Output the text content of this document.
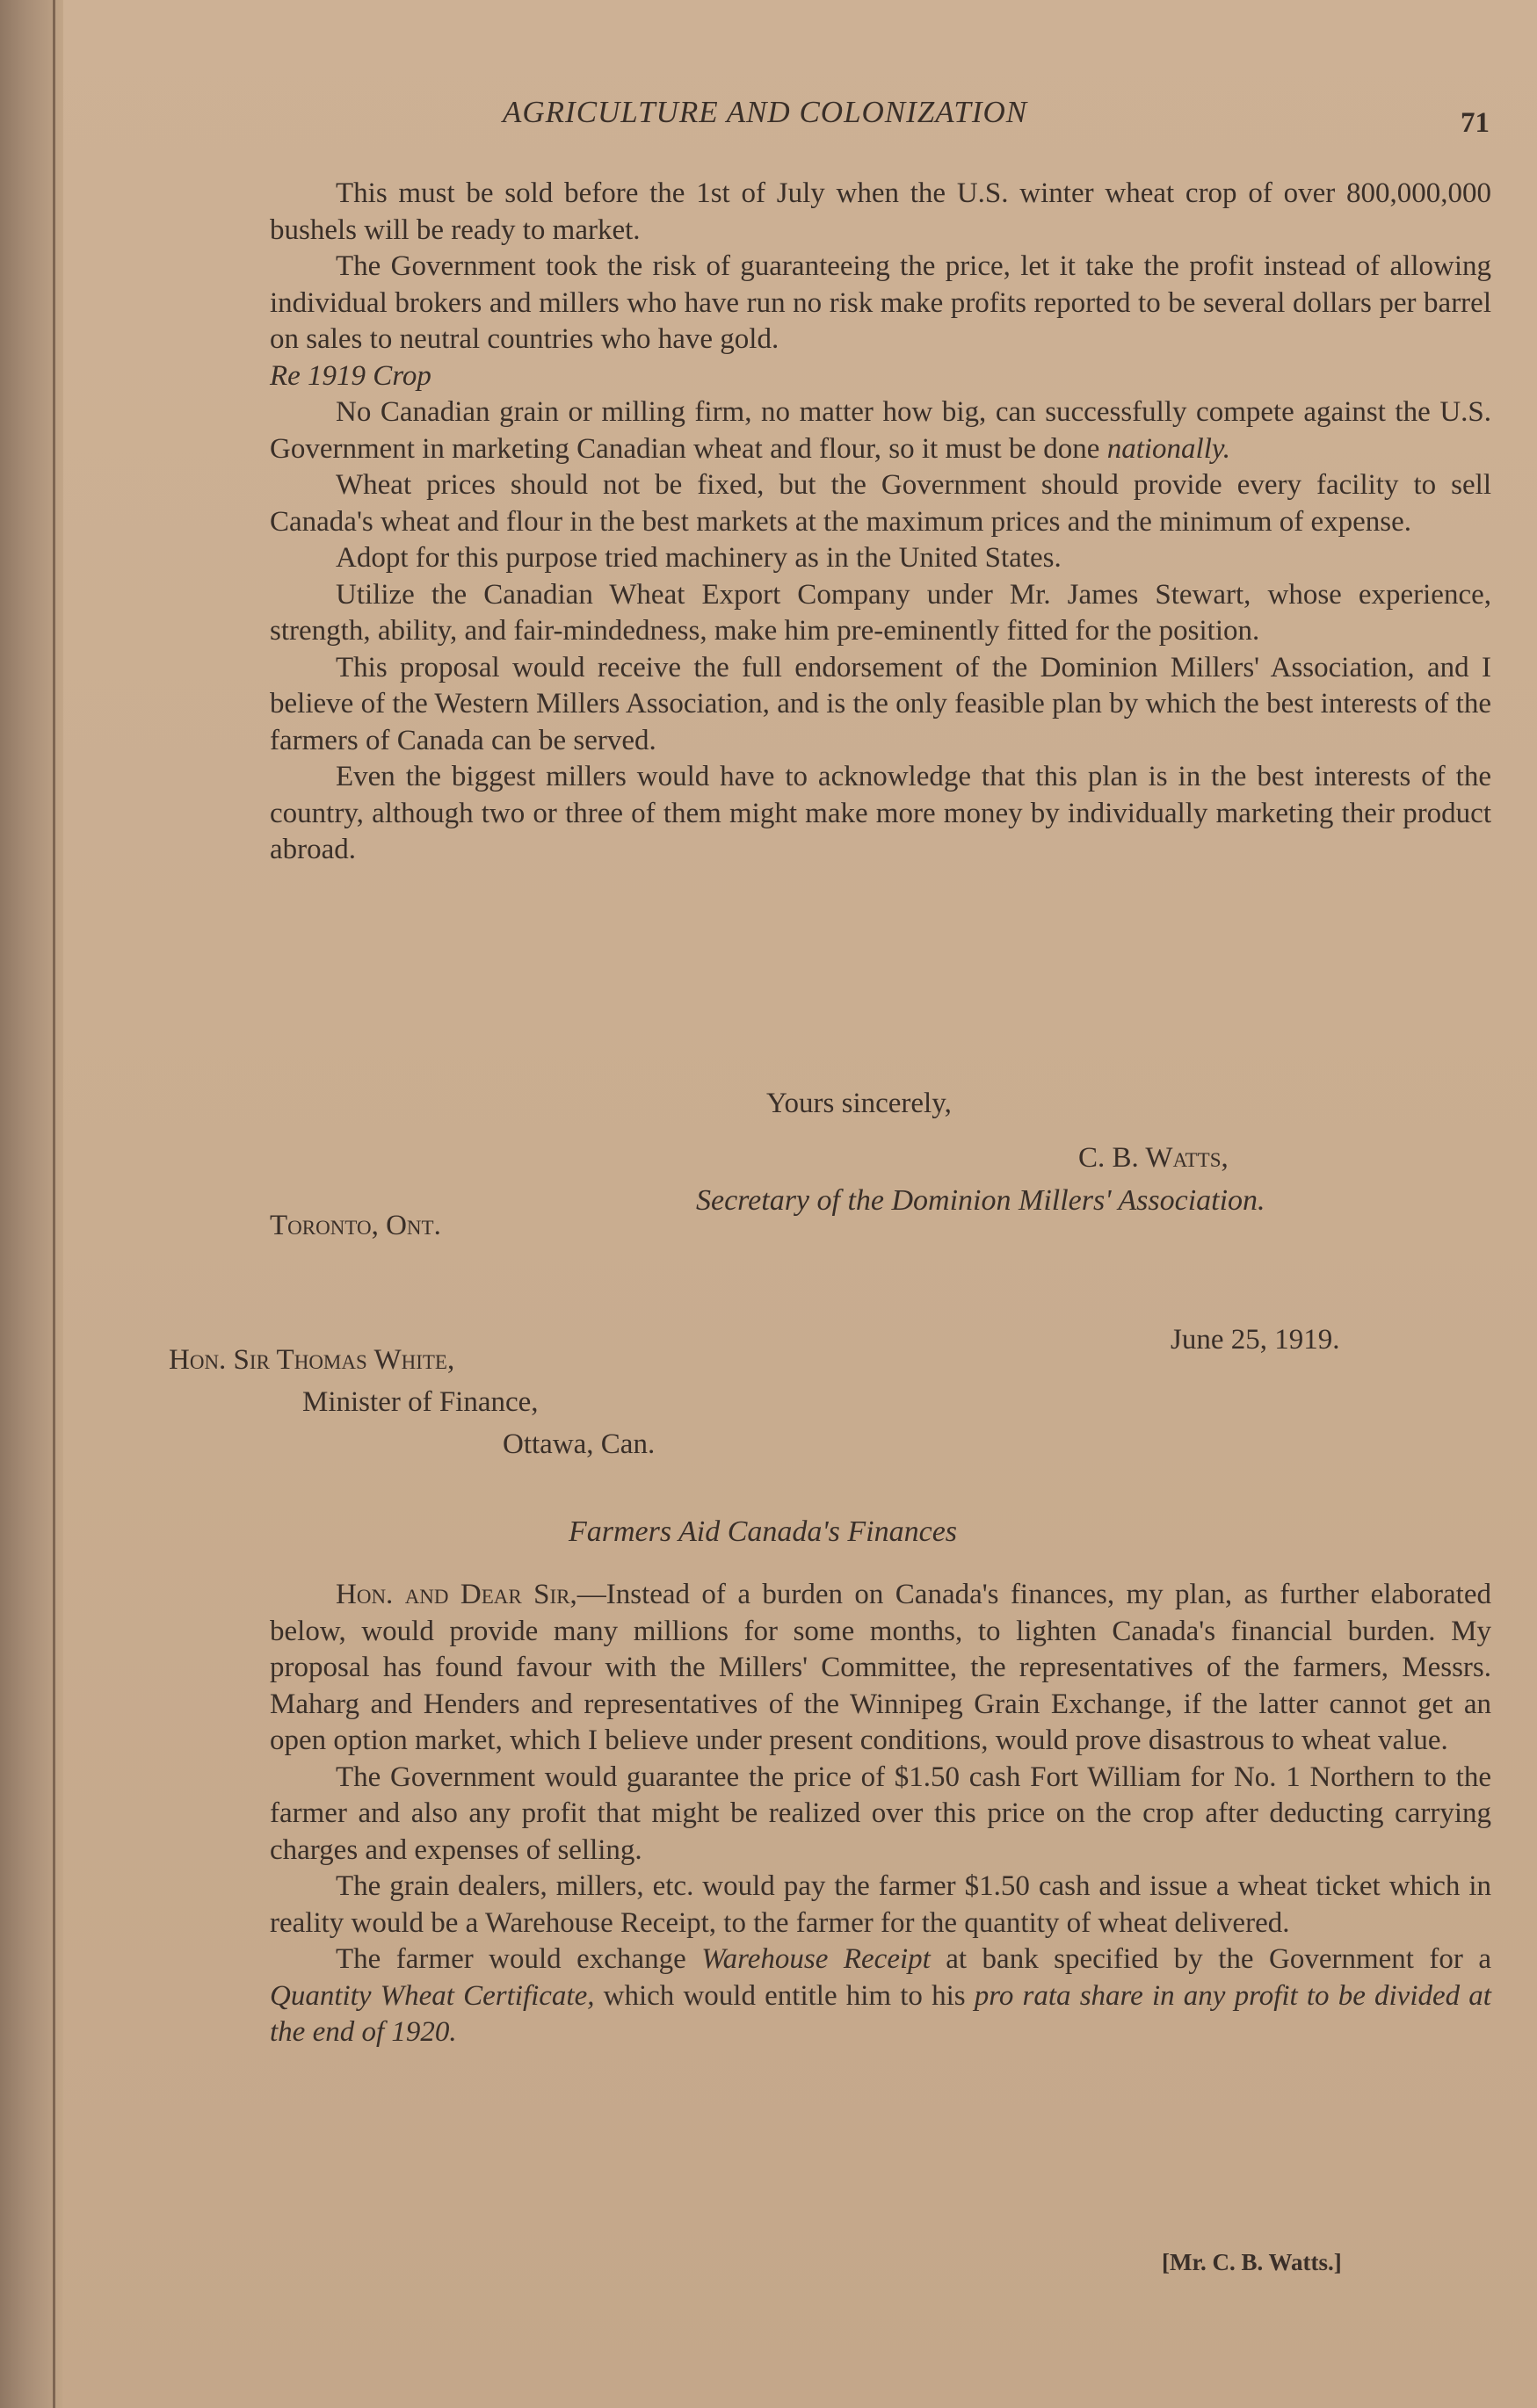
AGRICULTURE AND COLONIZATION	71

This must be sold before the 1st of July when the U.S. winter wheat crop of over 800,000,000 bushels will be ready to market.

The Government took the risk of guaranteeing the price, let it take the profit instead of allowing individual brokers and millers who have run no risk make profits reported to be several dollars per barrel on sales to neutral countries who have gold.

Re 1919 Crop

No Canadian grain or milling firm, no matter how big, can successfully compete against the U.S. Government in marketing Canadian wheat and flour, so it must be done nationally.

Wheat prices should not be fixed, but the Government should provide every facility to sell Canada's wheat and flour in the best markets at the maximum prices and the minimum of expense.

Adopt for this purpose tried machinery as in the United States.

Utilize the Canadian Wheat Export Company under Mr. James Stewart, whose experience, strength, ability, and fair-mindedness, make him pre-eminently fitted for the position.

This proposal would receive the full endorsement of the Dominion Millers' Association, and I believe of the Western Millers Association, and is the only feasible plan by which the best interests of the farmers of Canada can be served.

Even the biggest millers would have to acknowledge that this plan is in the best interests of the country, although two or three of them might make more money by individually marketing their product abroad.

Yours sincerely,
C. B. Watts,
Secretary of the Dominion Millers' Association.
Toronto, Ont.
June 25, 1919.
Hon. Sir Thomas White,
Minister of Finance,
Ottawa, Can.
Farmers Aid Canada's Finances

Hon. and Dear Sir,—Instead of a burden on Canada's finances, my plan, as further elaborated below, would provide many millions for some months, to lighten Canada's financial burden. My proposal has found favour with the Millers' Committee, the representatives of the farmers, Messrs. Maharg and Henders and representatives of the Winnipeg Grain Exchange, if the latter cannot get an open option market, which I believe under present conditions, would prove disastrous to wheat value.

The Government would guarantee the price of $1.50 cash Fort William for No. 1 Northern to the farmer and also any profit that might be realized over this price on the crop after deducting carrying charges and expenses of selling.

The grain dealers, millers, etc. would pay the farmer $1.50 cash and issue a wheat ticket which in reality would be a Warehouse Receipt, to the farmer for the quantity of wheat delivered.

The farmer would exchange Warehouse Receipt at bank specified by the Government for a Quantity Wheat Certificate, which would entitle him to his pro rata share in any profit to be divided at the end of 1920.

[Mr. C. B. Watts.]
